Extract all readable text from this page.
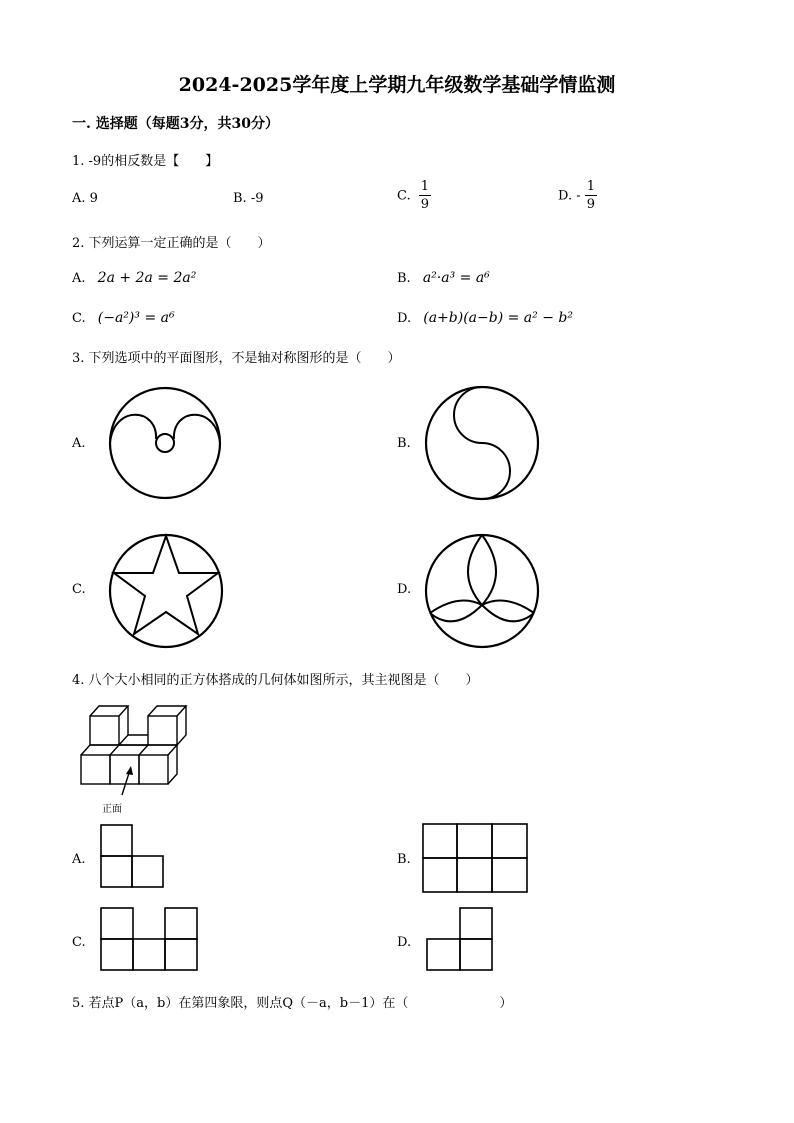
2024-2025学年度上学期九年级数学基础学情监测
一. 选择题（每题3分，共30分）
1. -9的相反数是【　　】
A. 9	B. -9	C. $\frac{1}{9}$	D. - $\frac{1}{9}$
2. 下列运算一定正确的是（　　）
A. 2a + 2a = 2a²	B. a²·a³ = a⁶
C. (−a²)³ = a⁶	D. (a+b)(a−b) = a² − b²
3. 下列选项中的平面图形，不是轴对称图形的是（　　）
A.	B.
C.	D.
4. 八个大小相同的正方体搭成的几何体如图所示，其主视图是（　　）
正面
A.	B.
C.	D.
5. 若点P（a，b）在第四象限，则点Q（－a，b－1）在（　　　　　　　）
